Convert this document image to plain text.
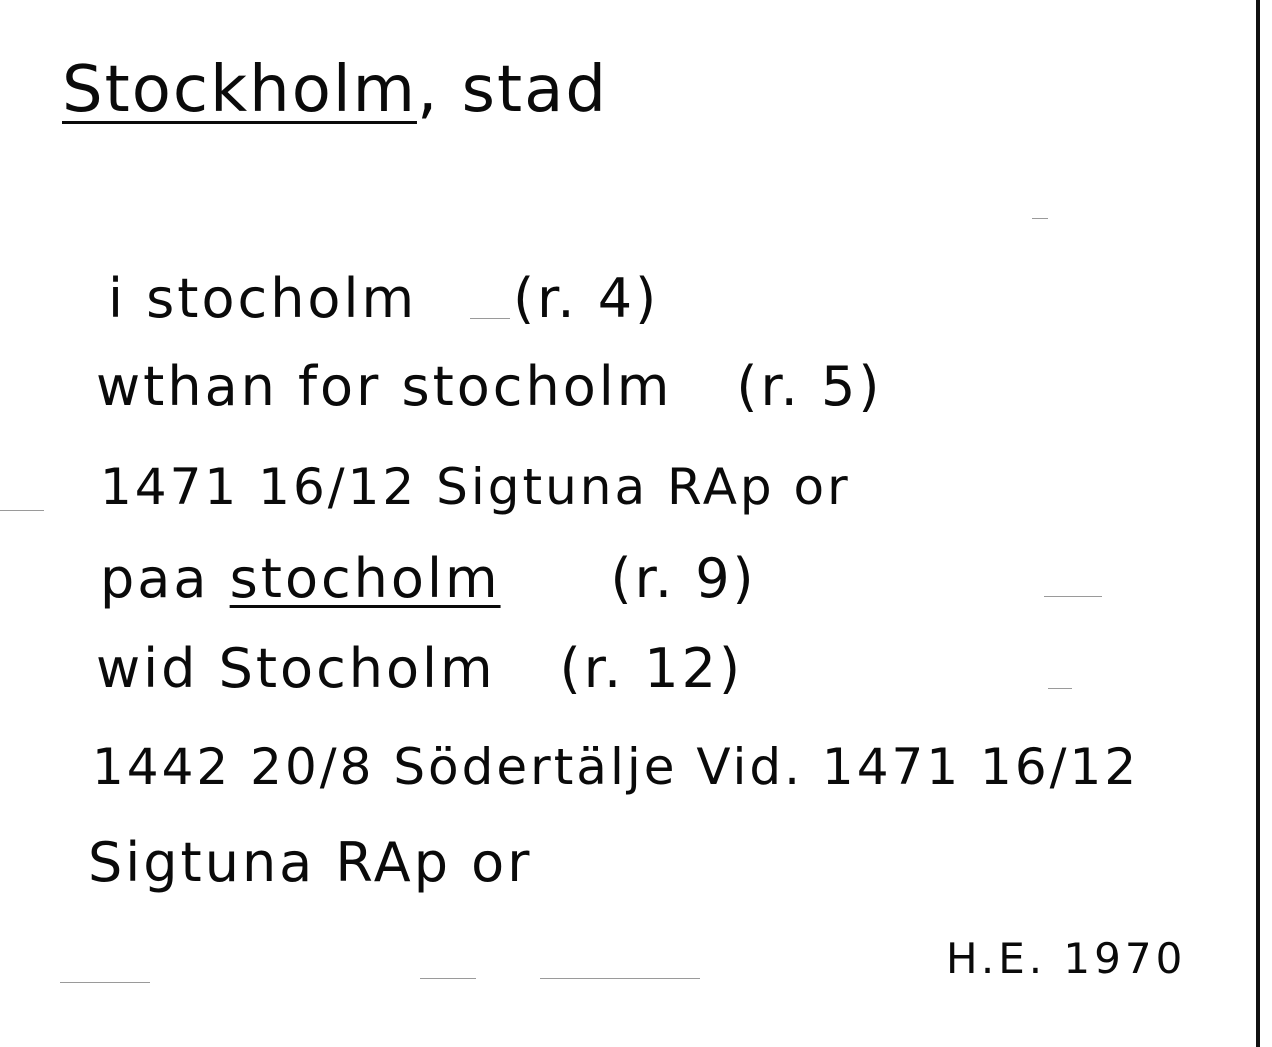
Stockholm, stad
i stocholm (r. 4)
wthan for stocholm (r. 5)
1471 16/12 Sigtuna RAp or
paa stocholm (r. 9)
wid Stocholm (r. 12)
1442 20/8 Södertälje Vid. 1471 16/12
Sigtuna RAp or
H.E. 1970
